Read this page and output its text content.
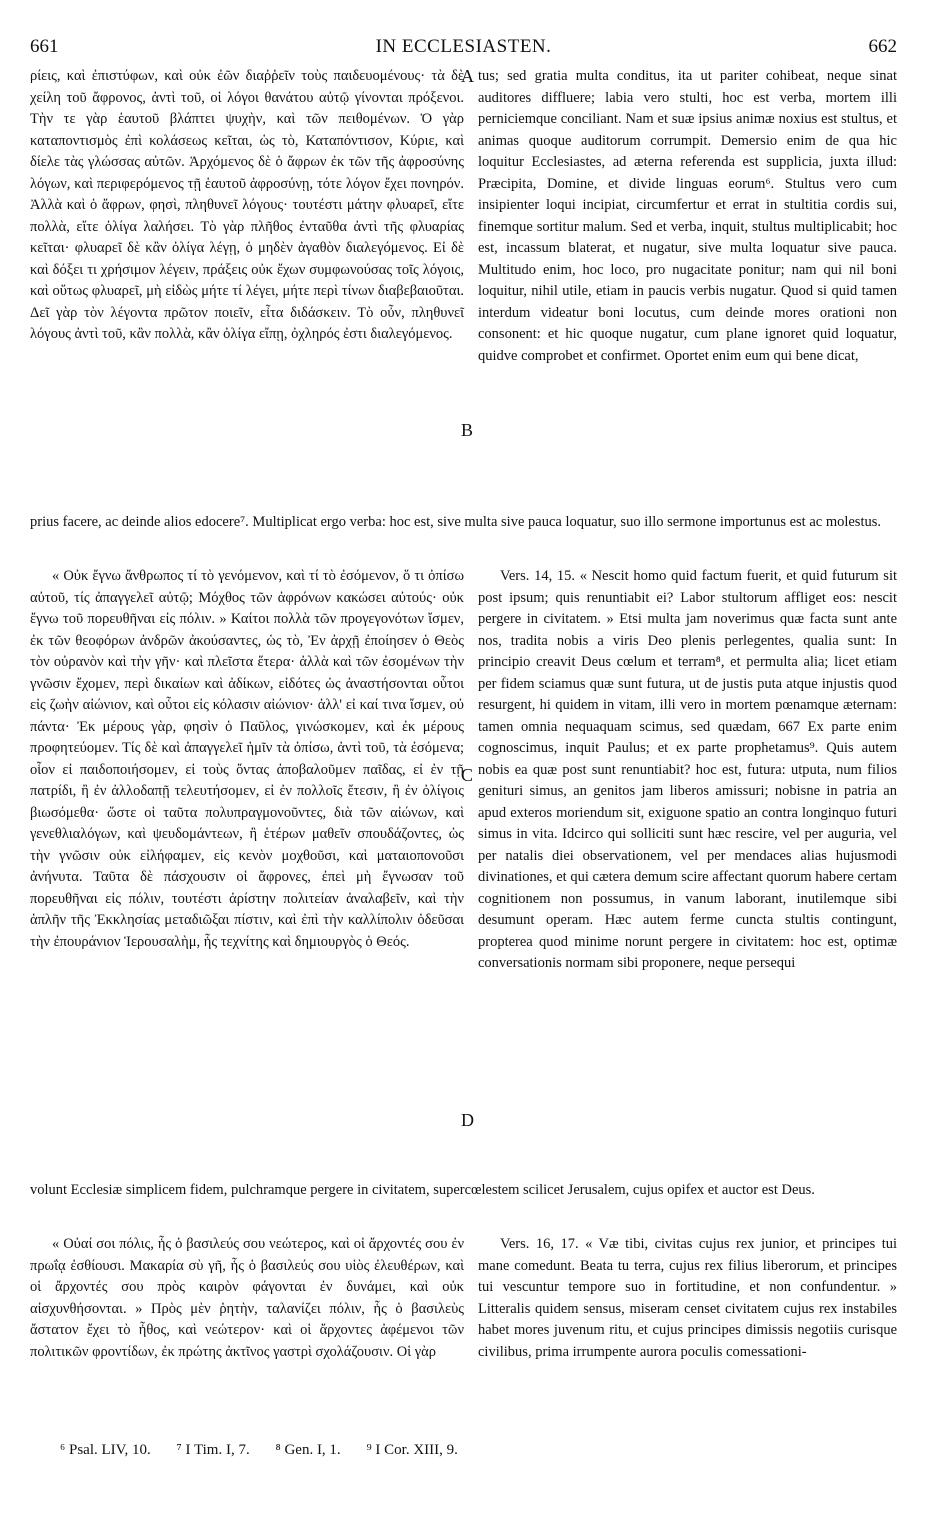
661	IN ECCLESIASTEN.	662

ρίεις, καὶ ἐπιστύφων, καὶ οὐκ ἐῶν διαῤῥεῖν τοὺς παιδευομένους· τὰ δὲ χείλη τοῦ ἄφρονος, ἀντὶ τοῦ, οἱ λόγοι θανάτου αὐτῷ γίνονται πρόξενοι. Τὴν τε γὰρ ἑαυτοῦ βλάπτει ψυχὴν, καὶ τῶν πειθομένων. Ὁ γὰρ καταποντισμὸς ἐπὶ κολάσεως κεῖται, ὡς τὸ, Καταπόντισον, Κύριε, καὶ δίελε τὰς γλώσσας αὐτῶν. Ἀρχόμενος δὲ ὁ ἄφρων ἐκ τῶν τῆς ἀφροσύνης λόγων, καὶ περιφερόμενος τῇ ἑαυτοῦ ἀφροσύνῃ, τότε λόγον ἔχει πονηρόν. Ἀλλὰ καὶ ὁ ἄφρων, φησὶ, πληθυνεῖ λόγους· τουτέστι μάτην φλυαρεῖ, εἴτε πολλὰ, εἴτε ὀλίγα λαλήσει. Τὸ γὰρ πλῆθος ἐνταῦθα ἀντὶ τῆς φλυαρίας κεῖται· φλυαρεῖ δὲ κἂν ὀλίγα λέγῃ, ὁ μηδὲν ἀγαθὸν διαλεγόμενος. Εἰ δὲ καὶ δόξει τι χρήσιμον λέγειν, πράξεις οὐκ ἔχων συμφωνούσας τοῖς λόγοις, καὶ οὕτως φλυαρεῖ, μὴ εἰδὼς μήτε τί λέγει, μήτε περὶ τίνων διαβεβαιοῦται. Δεῖ γὰρ τὸν λέγοντα πρῶτον ποιεῖν, εἶτα διδάσκειν. Τὸ οὖν, πληθυνεῖ λόγους ἀντὶ τοῦ, κἂν πολλὰ, κἂν ὀλίγα εἴπῃ, ὀχληρός ἐστι διαλεγόμενος.

tus; sed gratia multa conditus, ita ut pariter cohibeat, neque sinat auditores diffluere; labia vero stulti, hoc est verba, mortem illi perniciemque conciliant. Nam et suæ ipsius animæ noxius est stultus, et animas quoque auditorum corrumpit. Demersio enim de qua hic loquitur Ecclesiastes, ad æterna referenda est supplicia, juxta illud: Præcipita, Domine, et divide linguas eorum⁶. Stultus vero cum insipienter loqui incipiat, circumfertur et errat in stultitia cordis sui, finemque sortitur malum. Sed et verba, inquit, stultus multiplicabit; hoc est, incassum blaterat, et nugatur, sive multa loquatur sive pauca. Multitudo enim, hoc loco, pro nugacitate ponitur; nam qui nil boni loquitur, nihil utile, etiam in paucis verbis nugatur. Quod si quid tamen interdum videatur boni locutus, cum deinde mores orationi non consonent: et hic quoque nugatur, cum plane ignoret quid loquatur, quidve comprobet et confirmet. Oportet enim eum qui bene dicat,

prius facere, ac deinde alios edocere⁷. Multiplicat ergo verba: hoc est, sive multa sive pauca loquatur, suo illo sermone importunus est ac molestus.

« Οὐκ ἔγνω ἄνθρωπος τί τὸ γενόμενον, καὶ τί τὸ ἐσόμενον, ὅ τι ὀπίσω αὐτοῦ, τίς ἀπαγγελεῖ αὐτῷ; Μόχθος τῶν ἀφρόνων κακώσει αὐτούς· οὐκ ἔγνω τοῦ πορευθῆναι εἰς πόλιν. » Καίτοι πολλὰ τῶν προγεγονότων ἴσμεν, ἐκ τῶν θεοφόρων ἀνδρῶν ἀκούσαντες, ὡς τὸ, Ἐν ἀρχῇ ἐποίησεν ὁ Θεὸς τὸν οὐρανὸν καὶ τὴν γῆν· καὶ πλεῖστα ἕτερα· ἀλλὰ καὶ τῶν ἐσομένων τὴν γνῶσιν ἔχομεν, περὶ δικαίων καὶ ἀδίκων, εἰδότες ὡς ἀναστήσονται οὗτοι εἰς ζωὴν αἰώνιον, καὶ οὗτοι εἰς κόλασιν αἰώνιον· ἀλλ' εἰ καί τινα ἴσμεν, οὐ πάντα· Ἐκ μέρους γὰρ, φησὶν ὁ Παῦλος, γινώσκομεν, καὶ ἐκ μέρους προφητεύομεν. Τίς δὲ καὶ ἀπαγγελεῖ ἡμῖν τὰ ὀπίσω, ἀντὶ τοῦ, τὰ ἐσόμενα; οἷον εἰ παιδοποιήσομεν, εἰ τοὺς ὄντας ἀποβαλοῦμεν παῖδας, εἰ ἐν τῇ πατρίδι, ἢ ἐν ἀλλοδαπῇ τελευτήσομεν, εἰ ἐν πολλοῖς ἔτεσιν, ἢ ἐν ὀλίγοις βιωσόμεθα· ὥστε οἱ ταῦτα πολυπραγμονοῦντες, διὰ τῶν αἰώνων, καὶ γενεθλιαλόγων, καὶ ψευδομάντεων, ἢ ἑτέρων μαθεῖν σπουδάζοντες, ὡς τὴν γνῶσιν οὐκ εἰλήφαμεν, εἰς κενὸν μοχθοῦσι, καὶ ματαιοπονοῦσι ἀνήνυτα. Ταῦτα δὲ πάσχουσιν οἱ ἄφρονες, ἐπεὶ μὴ ἔγνωσαν τοῦ πορευθῆναι εἰς πόλιν, τουτέστι ἀρίστην πολιτείαν ἀναλαβεῖν, καὶ τὴν ἁπλῆν τῆς Ἐκκλησίας μεταδιῶξαι πίστιν, καὶ ἐπὶ τὴν καλλίπολιν ὁδεῦσαι τὴν ἐπουράνιον Ἱερουσαλὴμ, ἧς τεχνίτης καὶ δημιουργὸς ὁ Θεός.

Vers. 14, 15. « Nescit homo quid factum fuerit, et quid futurum sit post ipsum; quis renuntiabit ei? Labor stultorum affliget eos: nescit pergere in civitatem. » Etsi multa jam noverimus quæ facta sunt ante nos, tradita nobis a viris Deo plenis perlegentes, qualia sunt: In principio creavit Deus cœlum et terram⁸, et permulta alia; licet etiam per fidem sciamus quæ sunt futura, ut de justis puta atque injustis quod resurgent, hi quidem in vitam, illi vero in mortem pœnamque æternam: tamen omnia nequaquam scimus, sed quædam, 667 Ex parte enim cognoscimus, inquit Paulus; et ex parte prophetamus⁹. Quis autem nobis ea quæ post sunt renuntiabit? hoc est, futura: utputa, num filios genituri simus, an genitos jam liberos amissuri; nobisne in patria an apud exteros moriendum sit, exiguone spatio an contra longinquo futuri simus in vita. Idcirco qui solliciti sunt hæc rescire, vel per auguria, vel per natalis diei observationem, vel per mendaces alias hujusmodi divinationes, et qui cætera demum scire affectant quorum habere certam cognitionem non possumus, in vanum laborant, inutilemque sibi desumunt operam. Hæc autem ferme cuncta stultis contingunt, propterea quod minime norunt pergere in civitatem: hoc est, optimæ conversationis normam sibi proponere, neque persequi

volunt Ecclesiæ simplicem fidem, pulchramque pergere in civitatem, supercœlestem scilicet Jerusalem, cujus opifex et auctor est Deus.

« Οὐαί σοι πόλις, ἧς ὁ βασιλεύς σου νεώτερος, καὶ οἱ ἄρχοντές σου ἐν πρωΐᾳ ἐσθίουσι. Μακαρία σὺ γῆ, ἧς ὁ βασιλεύς σου υἱὸς ἐλευθέρων, καὶ οἱ ἄρχοντές σου πρὸς καιρὸν φάγονται ἐν δυνάμει, καὶ οὐκ αἰσχυνθήσονται. » Πρὸς μὲν ῥητὴν, ταλανίζει πόλιν, ἧς ὁ βασιλεὺς ἄστατον ἔχει τὸ ἦθος, καὶ νεώτερον· καὶ οἱ ἄρχοντες ἀφέμενοι τῶν πολιτικῶν φροντίδων, ἐκ πρώτης ἀκτῖνος γαστρὶ σχολάζουσιν. Οἱ γὰρ

Vers. 16, 17. « Væ tibi, civitas cujus rex junior, et principes tui mane comedunt. Beata tu terra, cujus rex filius liberorum, et principes tui vescuntur tempore suo in fortitudine, et non confundentur. » Litteralis quidem sensus, miseram censet civitatem cujus rex instabiles habet mores juvenum ritu, et cujus principes dimissis negotiis curisque civilibus, prima irrumpente aurora poculis comessationi-

A
B
C
D
⁶ Psal. LIV, 10. ⁷ I Tim. I, 7. ⁸ Gen. I, 1. ⁹ I Cor. XIII, 9.
